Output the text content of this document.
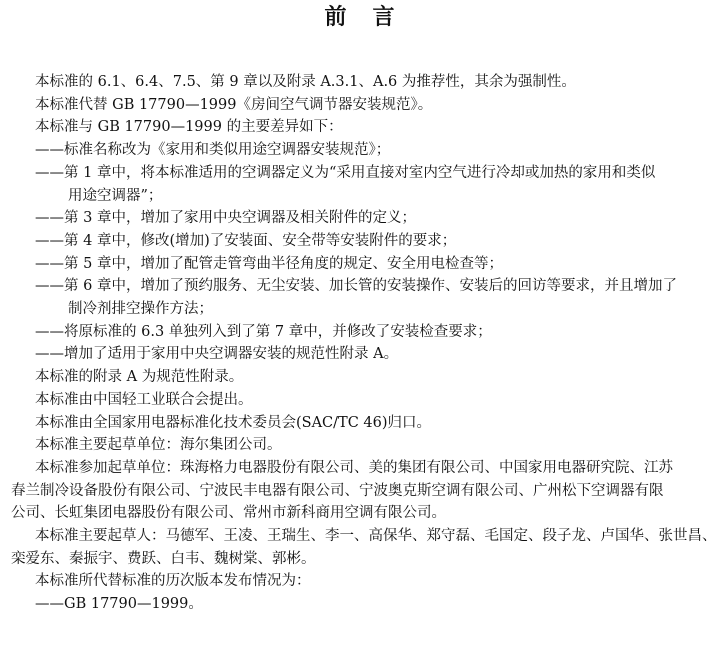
前言

本标准的 6.1、6.4、7.5、第 9 章以及附录 A.3.1、A.6 为推荐性，其余为强制性。

本标准代替 GB 17790—1999《房间空气调节器安装规范》。

本标准与 GB 17790—1999 的主要差异如下：

——标准名称改为《家用和类似用途空调器安装规范》；
——第 1 章中，将本标准适用的空调器定义为“采用直接对室内空气进行冷却或加热的家用和类似
用途空调器”；
——第 3 章中，增加了家用中央空调器及相关附件的定义；
——第 4 章中，修改(增加)了安装面、安全带等安装附件的要求；
——第 5 章中，增加了配管走管弯曲半径角度的规定、安全用电检查等；
——第 6 章中，增加了预约服务、无尘安装、加长管的安装操作、安装后的回访等要求，并且增加了
制冷剂排空操作方法；
——将原标准的 6.3 单独列入到了第 7 章中，并修改了安装检查要求；
——增加了适用于家用中央空调器安装的规范性附录 A。

本标准的附录 A 为规范性附录。

本标准由中国轻工业联合会提出。

本标准由全国家用电器标准化技术委员会(SAC/TC 46)归口。

本标准主要起草单位：海尔集团公司。

本标准参加起草单位：珠海格力电器股份有限公司、美的集团有限公司、中国家用电器研究院、江苏
春兰制冷设备股份有限公司、宁波民丰电器有限公司、宁波奥克斯空调有限公司、广州松下空调器有限
公司、长虹集团电器股份有限公司、常州市新科商用空调有限公司。
本标准主要起草人：马德军、王凌、王瑞生、李一、高保华、郑守磊、毛国定、段子龙、卢国华、张世昌、
栾爱东、秦振宇、费跃、白韦、魏树棠、郭彬。

本标准所代替标准的历次版本发布情况为：

——GB 17790—1999。
